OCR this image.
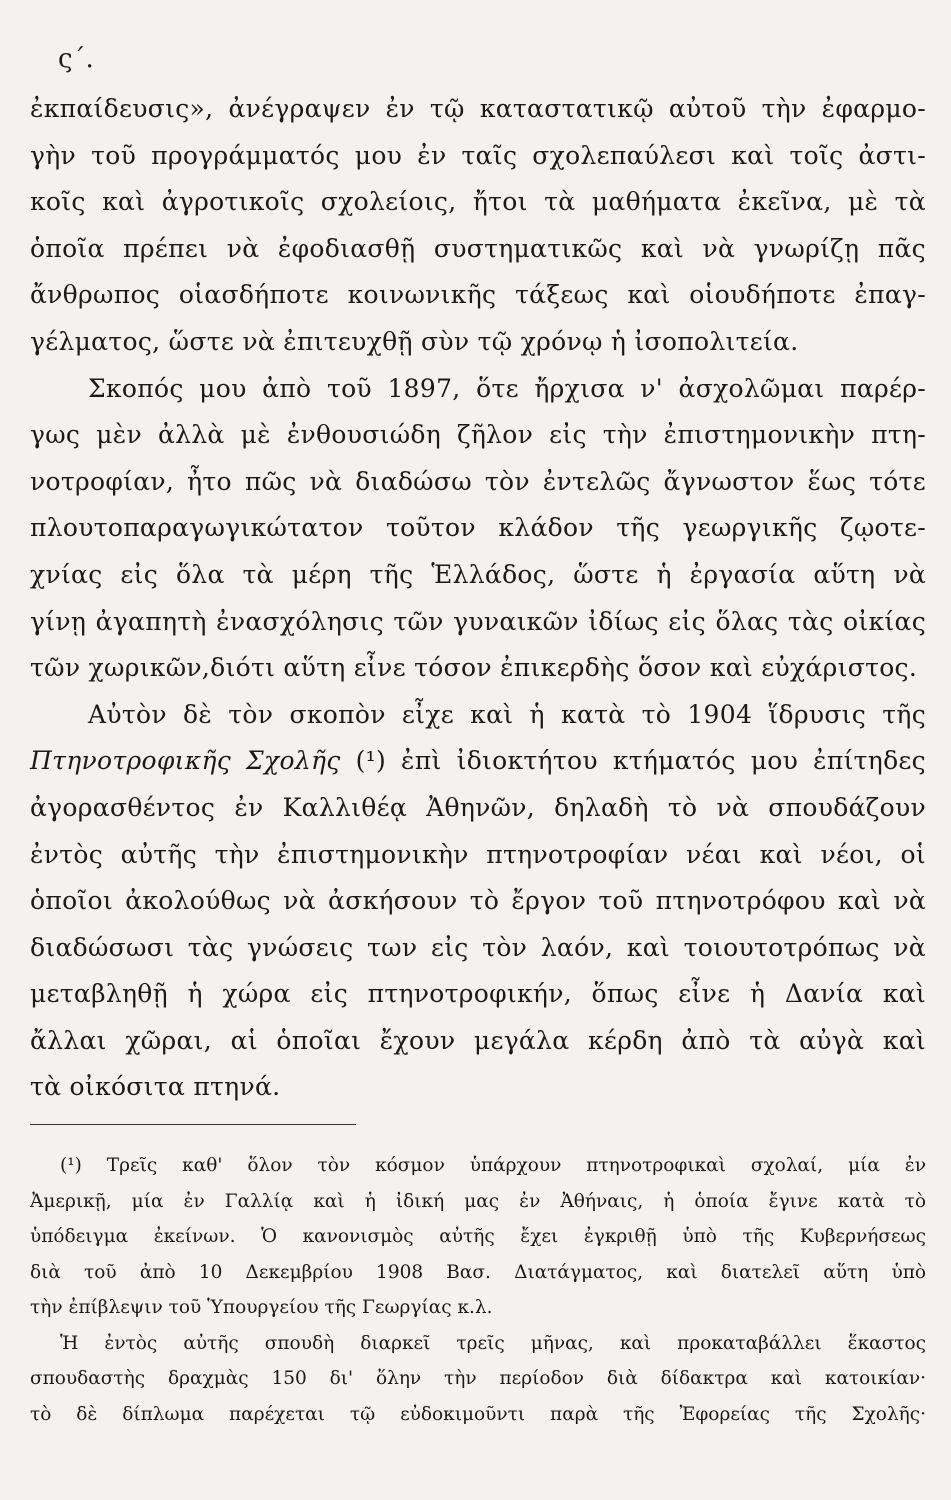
ς΄.
ἐκπαίδευσις», ἀνέγραψεν ἐν τῷ καταστατικῷ αὐτοῦ τὴν ἐφαρμο-
γὴν τοῦ προγράμματός μου ἐν ταῖς σχολεπαύλεσι καὶ τοῖς ἀστι-
κοῖς καὶ ἀγροτικοῖς σχολείοις, ἤτοι τὰ μαθήματα ἐκεῖνα, μὲ τὰ
ὁποῖα πρέπει νὰ ἐφοδιασθῇ συστηματικῶς καὶ νὰ γνωρίζῃ πᾶς
ἄνθρωπος οἱασδήποτε κοινωνικῆς τάξεως καὶ οἱουδήποτε ἐπαγ-
γέλματος, ὥστε νὰ ἐπιτευχθῇ σὺν τῷ χρόνῳ ἡ ἰσοπολιτεία.
Σκοπός μου ἀπὸ τοῦ 1897, ὅτε ἤρχισα ν' ἀσχολῶμαι παρέρ-
γως μὲν ἀλλὰ μὲ ἐνθουσιώδη ζῆλον εἰς τὴν ἐπιστημονικὴν πτη-
νοτροφίαν, ἦτο πῶς νὰ διαδώσω τὸν ἐντελῶς ἄγνωστον ἕως τότε
πλουτοπαραγωγικώτατον τοῦτον κλάδον τῆς γεωργικῆς ζῳοτε-
χνίας εἰς ὅλα τὰ μέρη τῆς Ἑλλάδος, ὥστε ἡ ἐργασία αὕτη νὰ
γίνῃ ἀγαπητὴ ἐνασχόλησις τῶν γυναικῶν ἰδίως εἰς ὅλας τὰς οἰκίας
τῶν χωρικῶν,διότι αὕτη εἶνε τόσον ἐπικερδὴς ὅσον καὶ εὐχάριστος.
Αὐτὸν δὲ τὸν σκοπὸν εἶχε καὶ ἡ κατὰ τὸ 1904 ἵδρυσις τῆς
Πτηνοτροφικῆς Σχολῆς (¹) ἐπὶ ἰδιοκτήτου κτήματός μου ἐπίτηδες
ἀγορασθέντος ἐν Καλλιθέᾳ Ἀθηνῶν, δηλαδὴ τὸ νὰ σπουδάζουν
ἐντὸς αὐτῆς τὴν ἐπιστημονικὴν πτηνοτροφίαν νέαι καὶ νέοι, οἱ
ὁποῖοι ἀκολούθως νὰ ἀσκήσουν τὸ ἔργον τοῦ πτηνοτρόφου καὶ νὰ
διαδώσωσι τὰς γνώσεις των εἰς τὸν λαόν, καὶ τοιουτοτρόπως νὰ
μεταβληθῇ ἡ χώρα εἰς πτηνοτροφικήν, ὅπως εἶνε ἡ Δανία καὶ
ἄλλαι χῶραι, αἱ ὁποῖαι ἔχουν μεγάλα κέρδη ἀπὸ τὰ αὐγὰ καὶ
τὰ οἰκόσιτα πτηνά.
(¹) Τρεῖς καθ' ὅλον τὸν κόσμον ὑπάρχουν πτηνοτροφικαὶ σχολαί, μία ἐν
Ἀμερικῇ, μία ἐν Γαλλίᾳ καὶ ἡ ἰδική μας ἐν Ἀθήναις, ἡ ὁποία ἔγινε κατὰ τὸ
ὑπόδειγμα ἐκείνων. Ὁ κανονισμὸς αὐτῆς ἔχει ἐγκριθῇ ὑπὸ τῆς Κυβερνήσεως
διὰ τοῦ ἀπὸ 10 Δεκεμβρίου 1908 Βασ. Διατάγματος, καὶ διατελεῖ αὕτη ὑπὸ
τὴν ἐπίβλεψιν τοῦ Ὑπουργείου τῆς Γεωργίας κ.λ.
Ἡ ἐντὸς αὐτῆς σπουδὴ διαρκεῖ τρεῖς μῆνας, καὶ προκαταβάλλει ἕκαστος
σπουδαστὴς δραχμὰς 150 δι' ὅλην τὴν περίοδον διὰ δίδακτρα καὶ κατοικίαν·
τὸ δὲ δίπλωμα παρέχεται τῷ εὐδοκιμοῦντι παρὰ τῆς Ἐφορείας τῆς Σχολῆς·
